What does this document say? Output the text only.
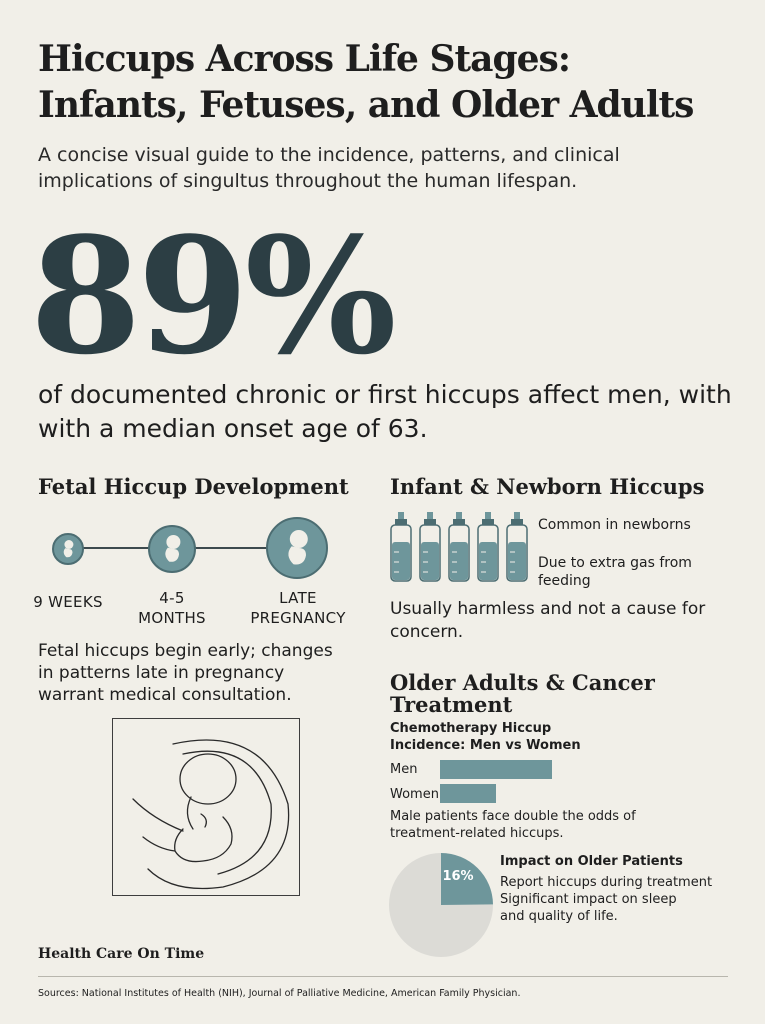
Hiccups Across Life Stages:
Infants, Fetuses, and Older Adults
A concise visual guide to the incidence, patterns, and clinical implications of singultus throughout the human lifespan.
89%
of documented chronic or first hiccups affect men, with with a median onset age of 63.
Fetal Hiccup Development
9 WEEKS	4-5
MONTHS
LATE
PREGNANCY
Fetal hiccups begin early; changes in patterns late in pregnancy warrant medical consultation.
Infant & Newborn Hiccups
Common in newborns
Due to extra gas from feeding
Usually harmless and not a cause for concern.
Older Adults & Cancer Treatment
Chemotherapy Hiccup
Incidence: Men vs Women
Men
Women
Male patients face double the odds of treatment-related hiccups.
16%
Impact on Older Patients
Report hiccups during treatment
Significant impact on sleep
and quality of life.
Health Care On Time
Sources: National Institutes of Health (NIH), Journal of Palliative Medicine, American Family Physician.
